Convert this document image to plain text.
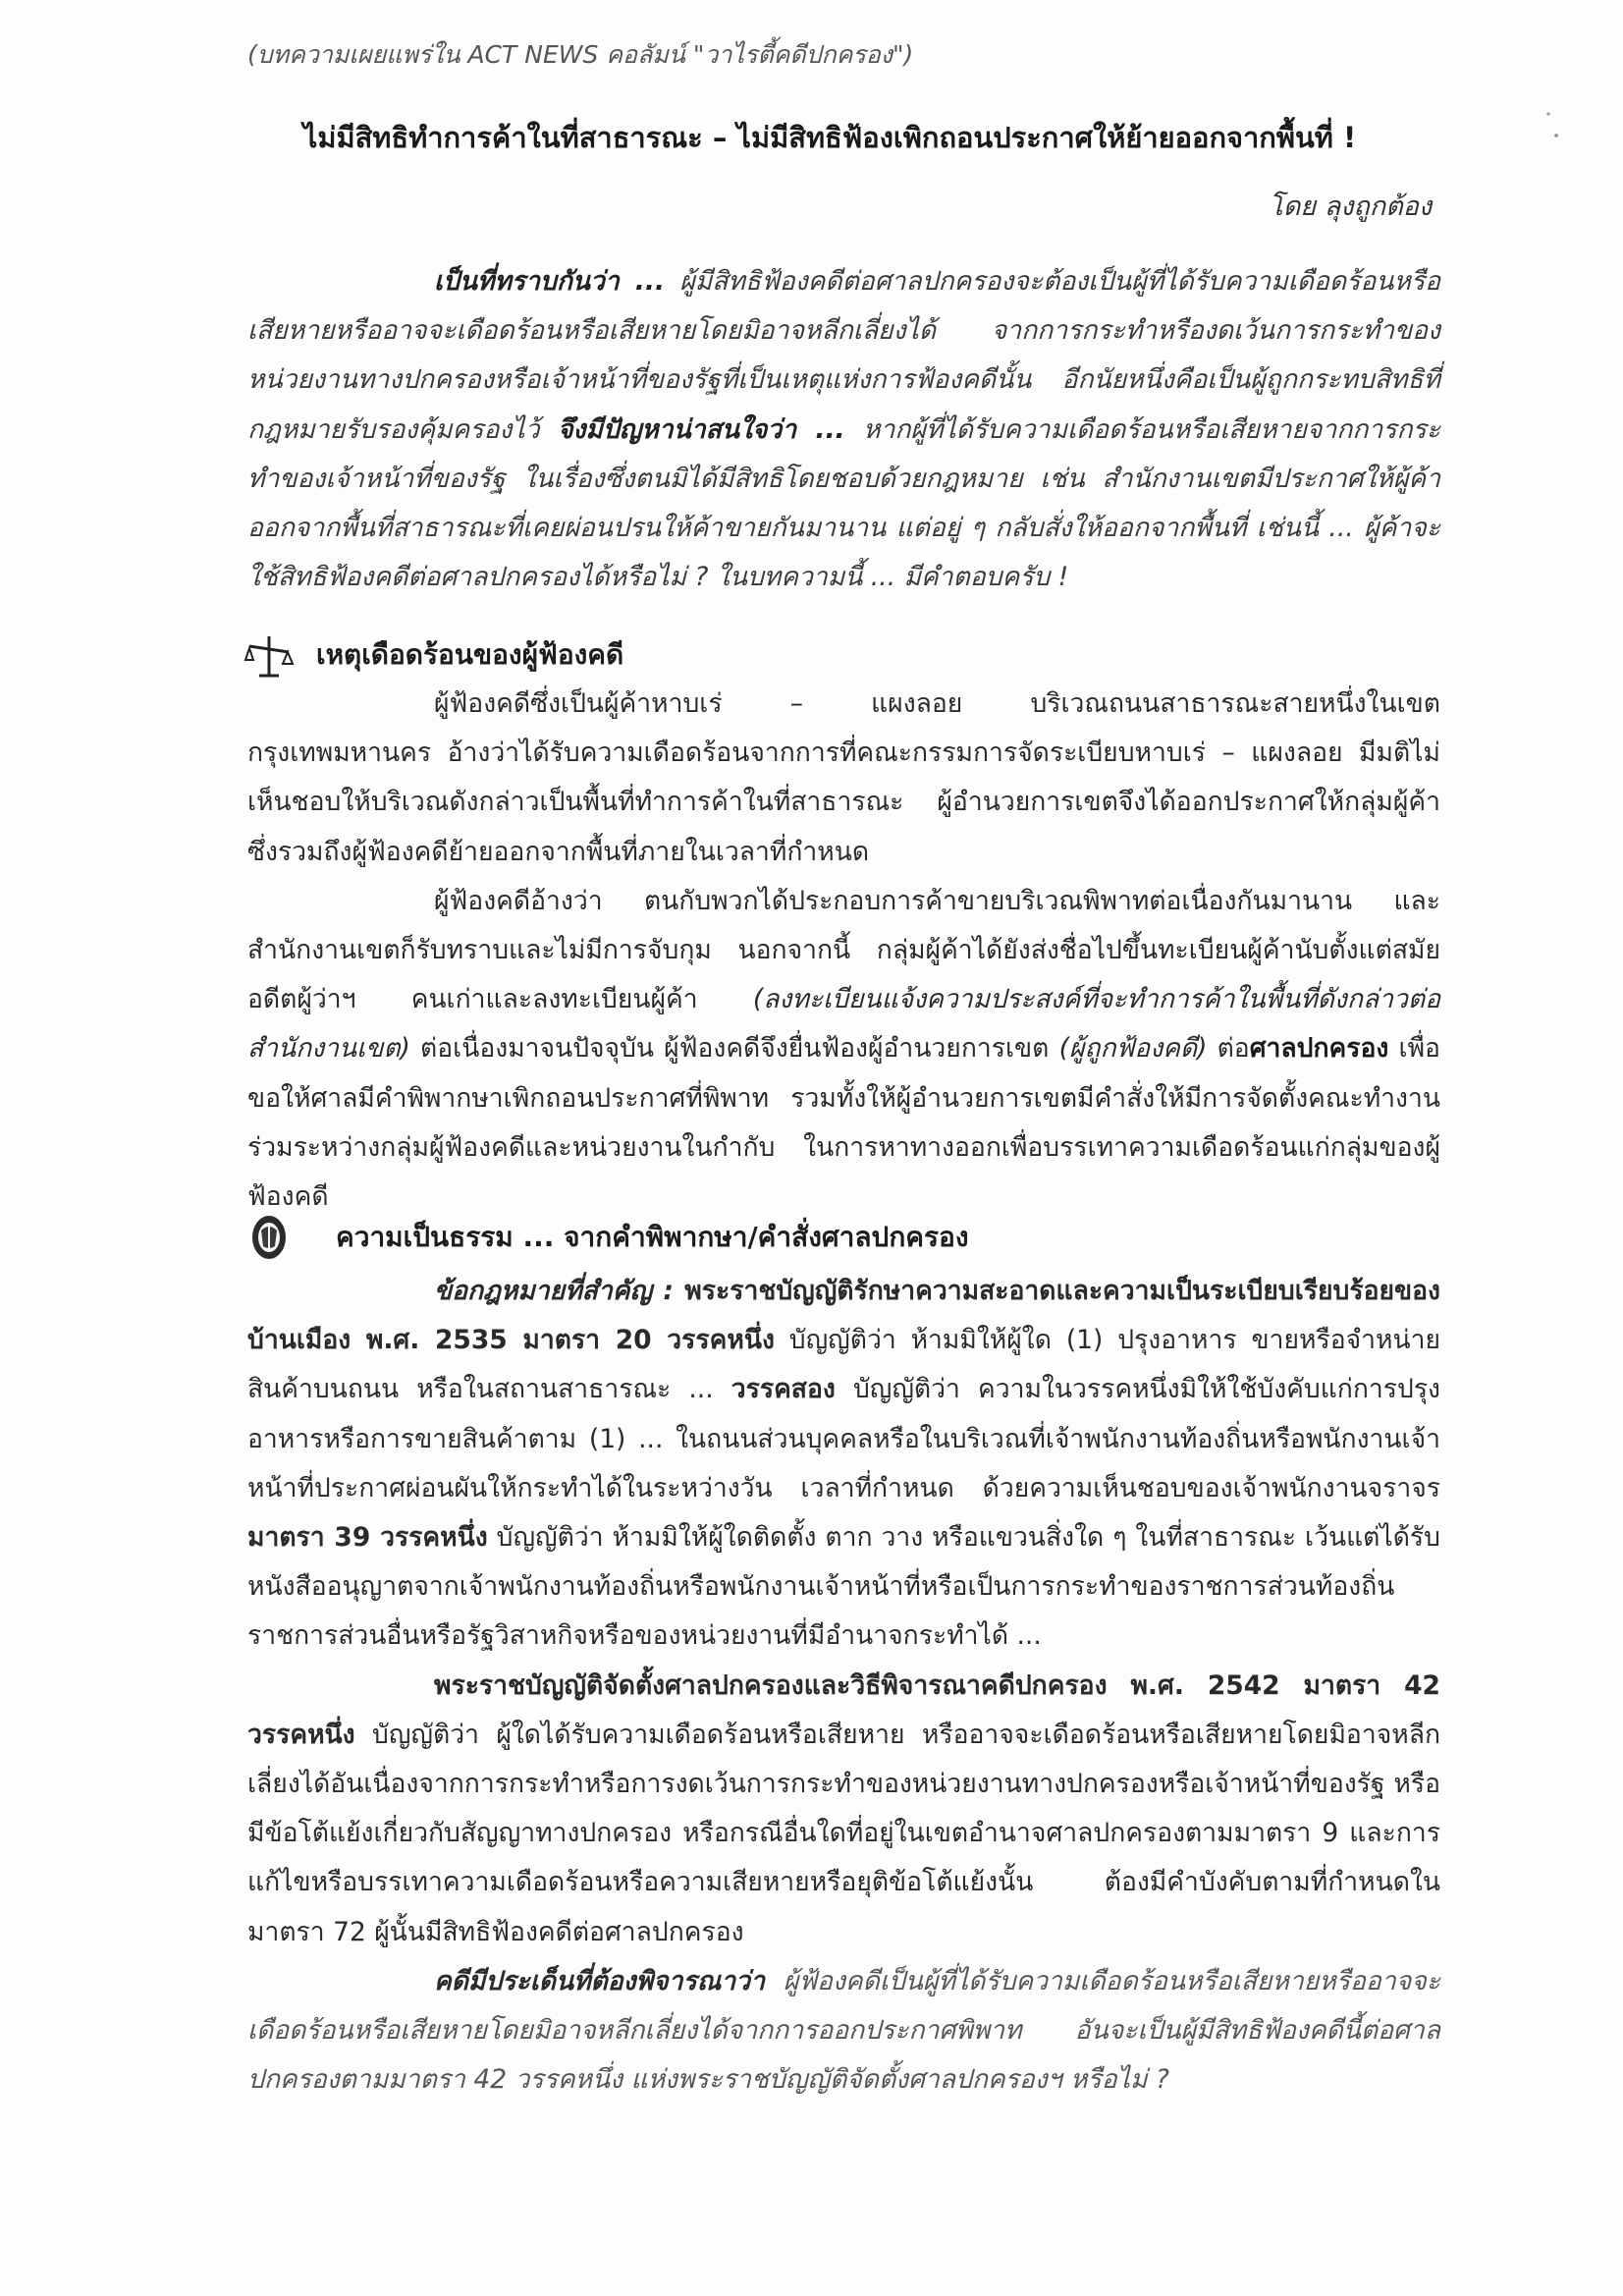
(บทความเผยแพร่ใน ACT NEWS คอลัมน์ "วาไรตี้คดีปกครอง")
ไม่มีสิทธิทำการค้าในที่สาธารณะ – ไม่มีสิทธิฟ้องเพิกถอนประกาศให้ย้ายออกจากพื้นที่ !
โดย ลุงถูกต้อง

เป็นที่ทราบกันว่า ... ผู้มีสิทธิฟ้องคดีต่อศาลปกครองจะต้องเป็นผู้ที่ได้รับความเดือดร้อนหรือเสียหายหรืออาจจะเดือดร้อนหรือเสียหายโดยมิอาจหลีกเลี่ยงได้ จากการกระทำหรืองดเว้นการกระทำของหน่วยงานทางปกครองหรือเจ้าหน้าที่ของรัฐที่เป็นเหตุแห่งการฟ้องคดีนั้น อีกนัยหนึ่งคือเป็นผู้ถูกกระทบสิทธิที่กฎหมายรับรองคุ้มครองไว้ จึงมีปัญหาน่าสนใจว่า ... หากผู้ที่ได้รับความเดือดร้อนหรือเสียหายจากการกระทำของเจ้าหน้าที่ของรัฐ ในเรื่องซึ่งตนมิได้มีสิทธิโดยชอบด้วยกฎหมาย เช่น สำนักงานเขตมีประกาศให้ผู้ค้าออกจากพื้นที่สาธารณะที่เคยผ่อนปรนให้ค้าขายกันมานาน แต่อยู่ ๆ กลับสั่งให้ออกจากพื้นที่ เช่นนี้ ... ผู้ค้าจะใช้สิทธิฟ้องคดีต่อศาลปกครองได้หรือไม่ ? ในบทความนี้ ... มีคำตอบครับ !

เหตุเดือดร้อนของผู้ฟ้องคดี

ผู้ฟ้องคดีซึ่งเป็นผู้ค้าหาบเร่ – แผงลอย บริเวณถนนสาธารณะสายหนึ่งในเขตกรุงเทพมหานคร อ้างว่าได้รับความเดือดร้อนจากการที่คณะกรรมการจัดระเบียบหาบเร่ – แผงลอย มีมติไม่เห็นชอบให้บริเวณดังกล่าวเป็นพื้นที่ทำการค้าในที่สาธารณะ ผู้อำนวยการเขตจึงได้ออกประกาศให้กลุ่มผู้ค้าซึ่งรวมถึงผู้ฟ้องคดีย้ายออกจากพื้นที่ภายในเวลาที่กำหนด

ผู้ฟ้องคดีอ้างว่า ตนกับพวกได้ประกอบการค้าขายบริเวณพิพาทต่อเนื่องกันมานาน และสำนักงานเขตก็รับทราบและไม่มีการจับกุม นอกจากนี้ กลุ่มผู้ค้าได้ยังส่งชื่อไปขึ้นทะเบียนผู้ค้านับตั้งแต่สมัยอดีตผู้ว่าฯ คนเก่าและลงทะเบียนผู้ค้า (ลงทะเบียนแจ้งความประสงค์ที่จะทำการค้าในพื้นที่ดังกล่าวต่อสำนักงานเขต) ต่อเนื่องมาจนปัจจุบัน ผู้ฟ้องคดีจึงยื่นฟ้องผู้อำนวยการเขต (ผู้ถูกฟ้องคดี) ต่อศาลปกครอง เพื่อขอให้ศาลมีคำพิพากษาเพิกถอนประกาศที่พิพาท รวมทั้งให้ผู้อำนวยการเขตมีคำสั่งให้มีการจัดตั้งคณะทำงานร่วมระหว่างกลุ่มผู้ฟ้องคดีและหน่วยงานในกำกับ ในการหาทางออกเพื่อบรรเทาความเดือดร้อนแก่กลุ่มของผู้ฟ้องคดี

ความเป็นธรรม ... จากคำพิพากษา/คำสั่งศาลปกครอง

ข้อกฎหมายที่สำคัญ : พระราชบัญญัติรักษาความสะอาดและความเป็นระเบียบเรียบร้อยของบ้านเมือง พ.ศ. 2535 มาตรา 20 วรรคหนึ่ง บัญญัติว่า ห้ามมิให้ผู้ใด (1) ปรุงอาหาร ขายหรือจำหน่ายสินค้าบนถนน หรือในสถานสาธารณะ ... วรรคสอง บัญญัติว่า ความในวรรคหนึ่งมิให้ใช้บังคับแก่การปรุงอาหารหรือการขายสินค้าตาม (1) ... ในถนนส่วนบุคคลหรือในบริเวณที่เจ้าพนักงานท้องถิ่นหรือพนักงานเจ้าหน้าที่ประกาศผ่อนผันให้กระทำได้ในระหว่างวัน เวลาที่กำหนด ด้วยความเห็นชอบของเจ้าพนักงานจราจร มาตรา 39 วรรคหนึ่ง บัญญัติว่า ห้ามมิให้ผู้ใดติดตั้ง ตาก วาง หรือแขวนสิ่งใด ๆ ในที่สาธารณะ เว้นแต่ได้รับหนังสืออนุญาตจากเจ้าพนักงานท้องถิ่นหรือพนักงานเจ้าหน้าที่หรือเป็นการกระทำของราชการส่วนท้องถิ่น ราชการส่วนอื่นหรือรัฐวิสาหกิจหรือของหน่วยงานที่มีอำนาจกระทำได้ ...

พระราชบัญญัติจัดตั้งศาลปกครองและวิธีพิจารณาคดีปกครอง พ.ศ. 2542 มาตรา 42 วรรคหนึ่ง บัญญัติว่า ผู้ใดได้รับความเดือดร้อนหรือเสียหาย หรืออาจจะเดือดร้อนหรือเสียหายโดยมิอาจหลีกเลี่ยงได้อันเนื่องจากการกระทำหรือการงดเว้นการกระทำของหน่วยงานทางปกครองหรือเจ้าหน้าที่ของรัฐ หรือมีข้อโต้แย้งเกี่ยวกับสัญญาทางปกครอง หรือกรณีอื่นใดที่อยู่ในเขตอำนาจศาลปกครองตามมาตรา 9 และการแก้ไขหรือบรรเทาความเดือดร้อนหรือความเสียหายหรือยุติข้อโต้แย้งนั้น ต้องมีคำบังคับตามที่กำหนดในมาตรา 72 ผู้นั้นมีสิทธิฟ้องคดีต่อศาลปกครอง

คดีมีประเด็นที่ต้องพิจารณาว่า ผู้ฟ้องคดีเป็นผู้ที่ได้รับความเดือดร้อนหรือเสียหายหรืออาจจะเดือดร้อนหรือเสียหายโดยมิอาจหลีกเลี่ยงได้จากการออกประกาศพิพาท อันจะเป็นผู้มีสิทธิฟ้องคดีนี้ต่อศาลปกครองตามมาตรา 42 วรรคหนึ่ง แห่งพระราชบัญญัติจัดตั้งศาลปกครองฯ หรือไม่ ?
